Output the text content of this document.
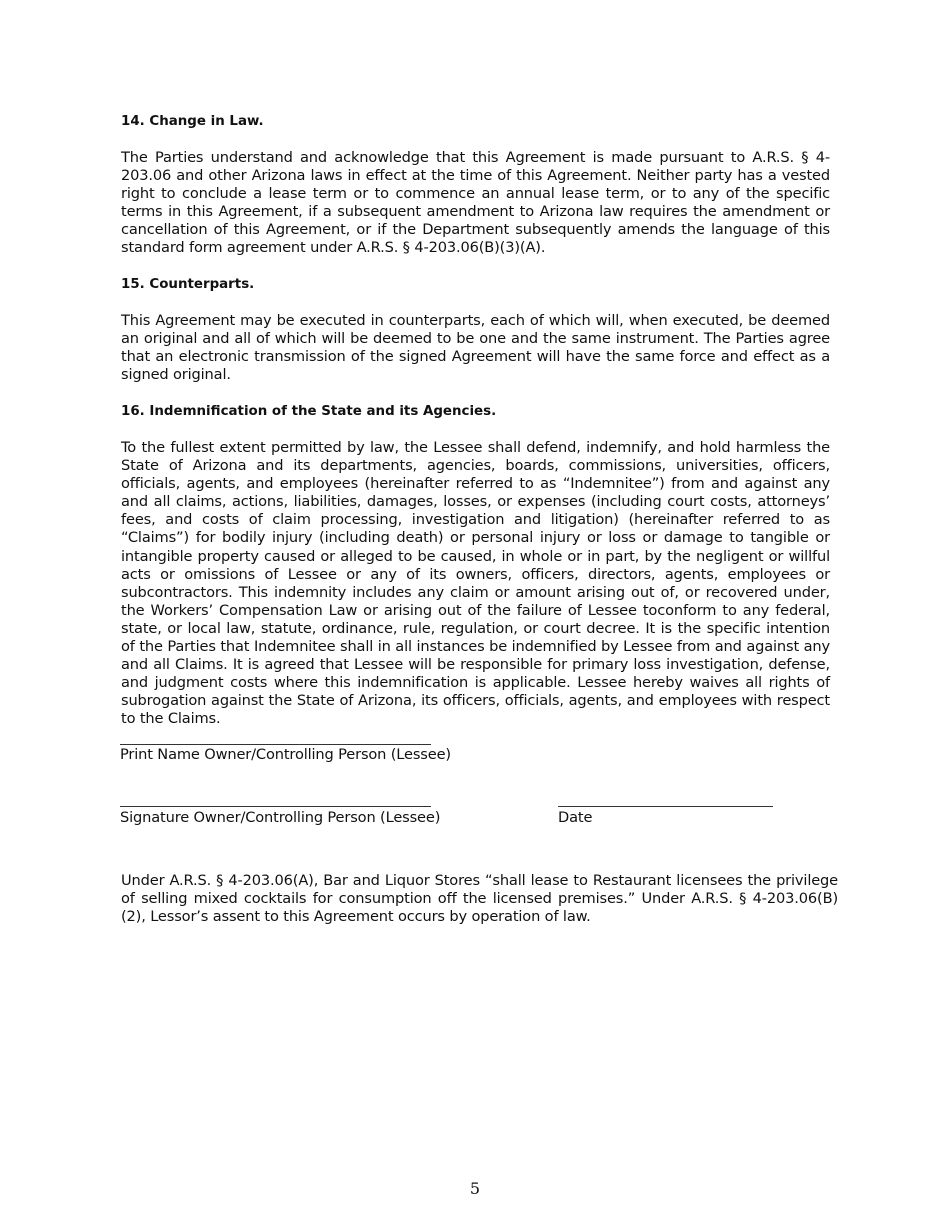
14. Change in Law.

The Parties understand and acknowledge that this Agreement is made pursuant to A.R.S. § 4-203.06 and other Arizona laws in effect at the time of this Agreement. Neither party has a vested right to conclude a lease term or to commence an annual lease term, or to any of the specific terms in this Agreement, if a subsequent amendment to Arizona law requires the amendment or cancellation of this Agreement, or if the Department subsequently amends the language of this standard form agreement under A.R.S. § 4-203.06(B)(3)(A).

15. Counterparts.

This Agreement may be executed in counterparts, each of which will, when executed, be deemed an original and all of which will be deemed to be one and the same instrument. The Parties agree that an electronic transmission of the signed Agreement will have the same force and effect as a signed original.

16. Indemnification of the State and its Agencies.

To the fullest extent permitted by law, the Lessee shall defend, indemnify, and hold harmless the State of Arizona and its departments, agencies, boards, commissions, universities, officers, officials, agents, and employees (hereinafter referred to as “Indemnitee”) from and against any and all claims, actions, liabilities, damages, losses, or expenses (including court costs, attorneys’ fees, and costs of claim processing, investigation and litigation) (hereinafter referred to as “Claims”) for bodily injury (including death) or personal injury or loss or damage to tangible or intangible property caused or alleged to be caused, in whole or in part, by the negligent or willful acts or omissions of Lessee or any of its owners, officers, directors, agents, employees or subcontractors. This indemnity includes any claim or amount arising out of, or recovered under, the Workers’ Compensation Law or arising out of the failure of Lessee toconform to any federal, state, or local law, statute, ordinance, rule, regulation, or court decree. It is the specific intention of the Parties that Indemnitee shall in all instances be indemnified by Lessee from and against any and all Claims. It is agreed that Lessee will be responsible for primary loss investigation, defense, and judgment costs where this indemnification is applicable. Lessee hereby waives all rights of subrogation against the State of Arizona, its officers, officials, agents, and employees with respect to the Claims.

Print Name Owner/Controlling Person (Lessee)
Signature Owner/Controlling Person (Lessee)	Date

Under A.R.S. § 4-203.06(A), Bar and Liquor Stores “shall lease to Restaurant licensees the privilege of selling mixed cocktails for consumption off the licensed premises.” Under A.R.S. § 4-203.06(B)(2), Lessor’s assent to this Agreement occurs by operation of law.

5
